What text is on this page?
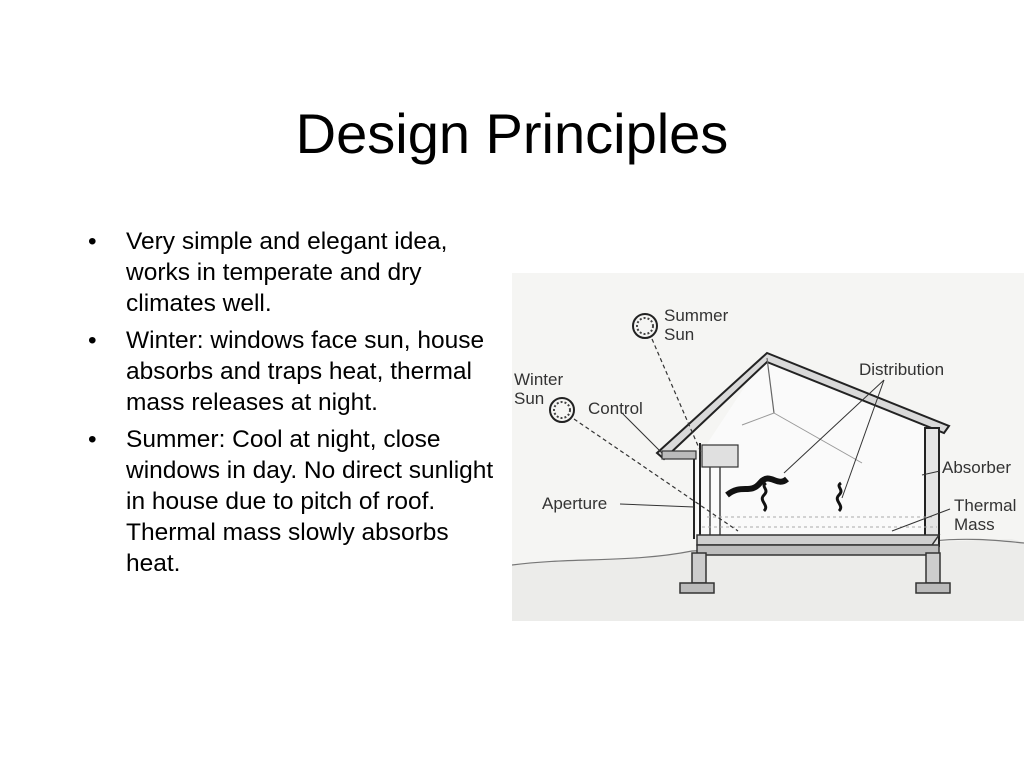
Design Principles
• Very simple and elegant idea, works in temperate and dry climates well.
• Winter: windows face sun, house absorbs and traps heat, thermal mass releases at night.
• Summer: Cool at night, close windows in day. No direct sunlight in house due to pitch of roof. Thermal mass slowly absorbs heat.
Summer
Sun
Winter
Sun
Control
Distribution
Absorber
Aperture	Thermal
Mass
